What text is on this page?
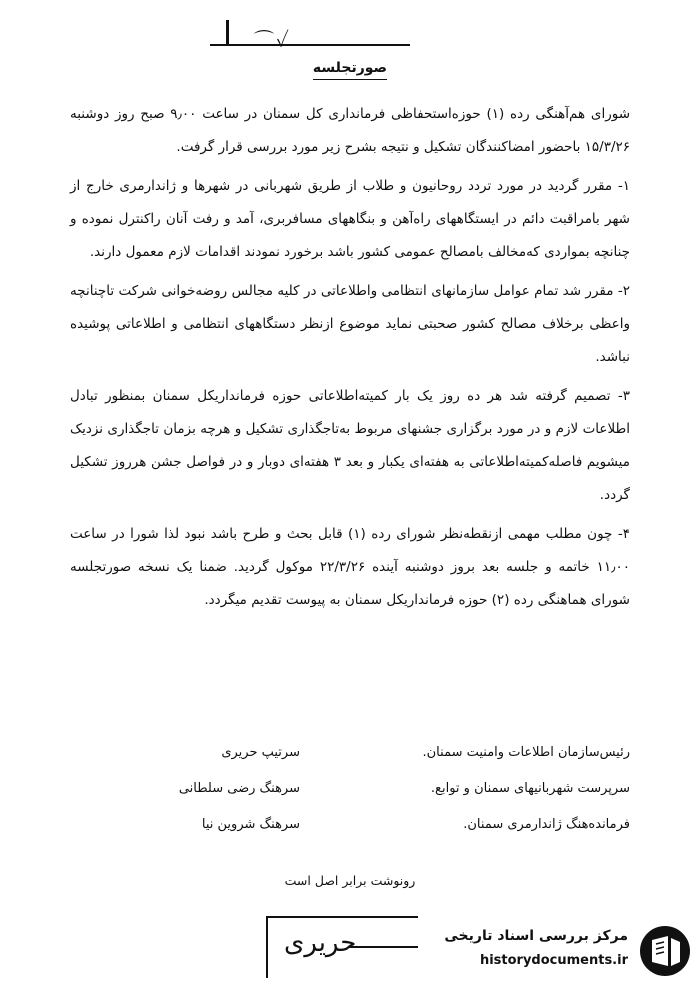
⌒✓
صورتجلسه

شورای هم‌آهنگی رده (۱) حوزه‌استحفاظی فرمانداری کل سمنان در ساعت ۹٫۰۰ صبح روز دوشنبه ۱۵/۳/۲۶ باحضور امضاکنندگان تشکیل و نتیجه بشرح زیر مورد بررسی قرار گرفت.

۱- مقرر گردید در مورد تردد روحانیون و طلاب از طریق شهربانی در شهرها و ژاندارمری خارج از شهر بامراقبت دائم در ایستگاههای راه‌آهن و بنگاههای مسافربری، آمد و رفت آنان راکنترل نموده و چنانچه بمواردی که‌مخالف بامصالح عمومی کشور باشد برخورد نمودند اقدامات لازم معمول دارند.

۲- مقرر شد تمام عوامل سازمانهای انتظامی واطلاعاتی در کلیه مجالس روضه‌خوانی شرکت تاچنانچه واعظی برخلاف مصالح کشور صحبتی نماید موضوع ازنظر دستگاههای انتظامی و اطلاعاتی پوشیده نباشد.

۳- تصمیم گرفته شد هر ده روز یک بار کمیته‌اطلاعاتی حوزه فرمانداریکل سمنان بمنظور تبادل اطلاعات لازم و در مورد برگزاری جشنهای مربوط به‌تاجگذاری تشکیل و هرچه بزمان تاجگذاری نزدیک میشویم فاصله‌کمیته‌اطلاعاتی به هفته‌ای یکبار و بعد ۳ هفته‌ای دوبار و در فواصل جشن هرروز تشکیل گردد.

۴- چون مطلب مهمی ازنقطه‌نظر شورای رده (۱) قابل بحث و طرح باشد نبود لذا شورا در ساعت ۱۱٫۰۰ خاتمه و جلسه بعد بروز دوشنبه آینده ۲۲/۳/۲۶ موکول گردید. ضمنا یک نسخه صورتجلسه شورای هماهنگی رده (۲) حوزه فرمانداریکل سمنان به پیوست تقدیم میگردد.

رئیس‌سازمان اطلاعات وامنیت سمنان.
سرتیپ حریری
سرپرست شهربانیهای سمنان و توابع.
سرهنگ رضی سلطانی
فرمانده‌هنگ ژاندارمری سمنان.
سرهنگ شروین نیا
رونوشت برابر اصل است
حریری	مرکز بررسی اسناد تاریخی
historydocuments.ir
